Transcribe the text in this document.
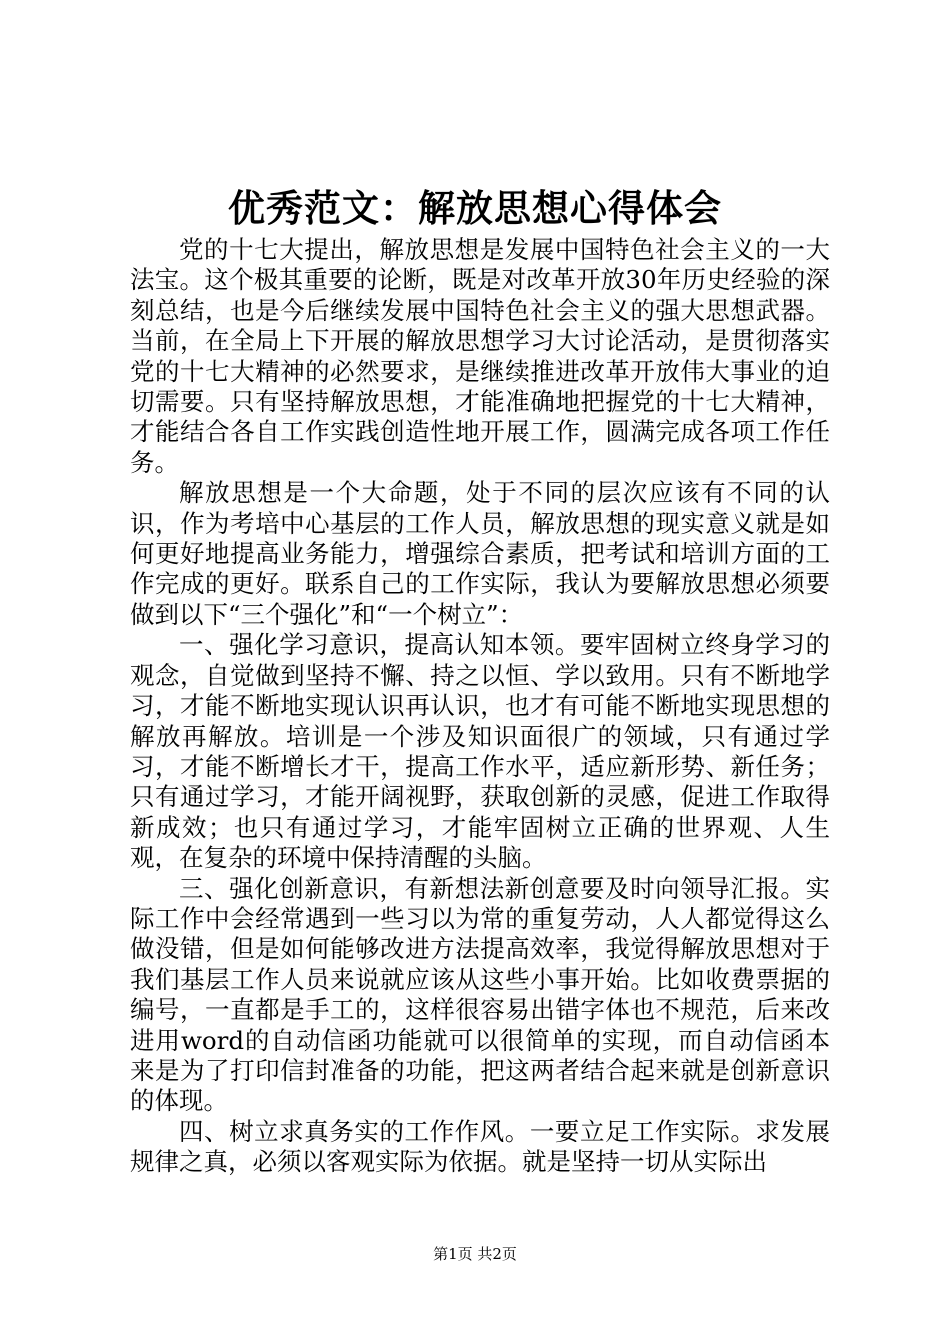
优秀范文：解放思想心得体会

党的十七大提出，解放思想是发展中国特色社会主义的一大法宝。这个极其重要的论断，既是对改革开放30年历史经验的深刻总结，也是今后继续发展中国特色社会主义的强大思想武器。当前，在全局上下开展的解放思想学习大讨论活动，是贯彻落实党的十七大精神的必然要求，是继续推进改革开放伟大事业的迫切需要。只有坚持解放思想，才能准确地把握党的十七大精神，才能结合各自工作实践创造性地开展工作，圆满完成各项工作任务。

解放思想是一个大命题，处于不同的层次应该有不同的认识，作为考培中心基层的工作人员，解放思想的现实意义就是如何更好地提高业务能力，增强综合素质，把考试和培训方面的工作完成的更好。联系自己的工作实际，我认为要解放思想必须要做到以下“三个强化”和“一个树立”：

一、强化学习意识，提高认知本领。要牢固树立终身学习的观念，自觉做到坚持不懈、持之以恒、学以致用。只有不断地学习，才能不断地实现认识再认识，也才有可能不断地实现思想的解放再解放。培训是一个涉及知识面很广的领域，只有通过学习，才能不断增长才干，提高工作水平，适应新形势、新任务；只有通过学习，才能开阔视野，获取创新的灵感，促进工作取得新成效；也只有通过学习，才能牢固树立正确的世界观、人生观，在复杂的环境中保持清醒的头脑。

三、强化创新意识，有新想法新创意要及时向领导汇报。实际工作中会经常遇到一些习以为常的重复劳动，人人都觉得这么做没错，但是如何能够改进方法提高效率，我觉得解放思想对于我们基层工作人员来说就应该从这些小事开始。比如收费票据的编号，一直都是手工的，这样很容易出错字体也不规范，后来改进用word的自动信函功能就可以很简单的实现，而自动信函本来是为了打印信封准备的功能，把这两者结合起来就是创新意识的体现。

四、树立求真务实的工作作风。一要立足工作实际。求发展规律之真，必须以客观实际为依据。就是坚持一切从实际出

第1页 共2页
